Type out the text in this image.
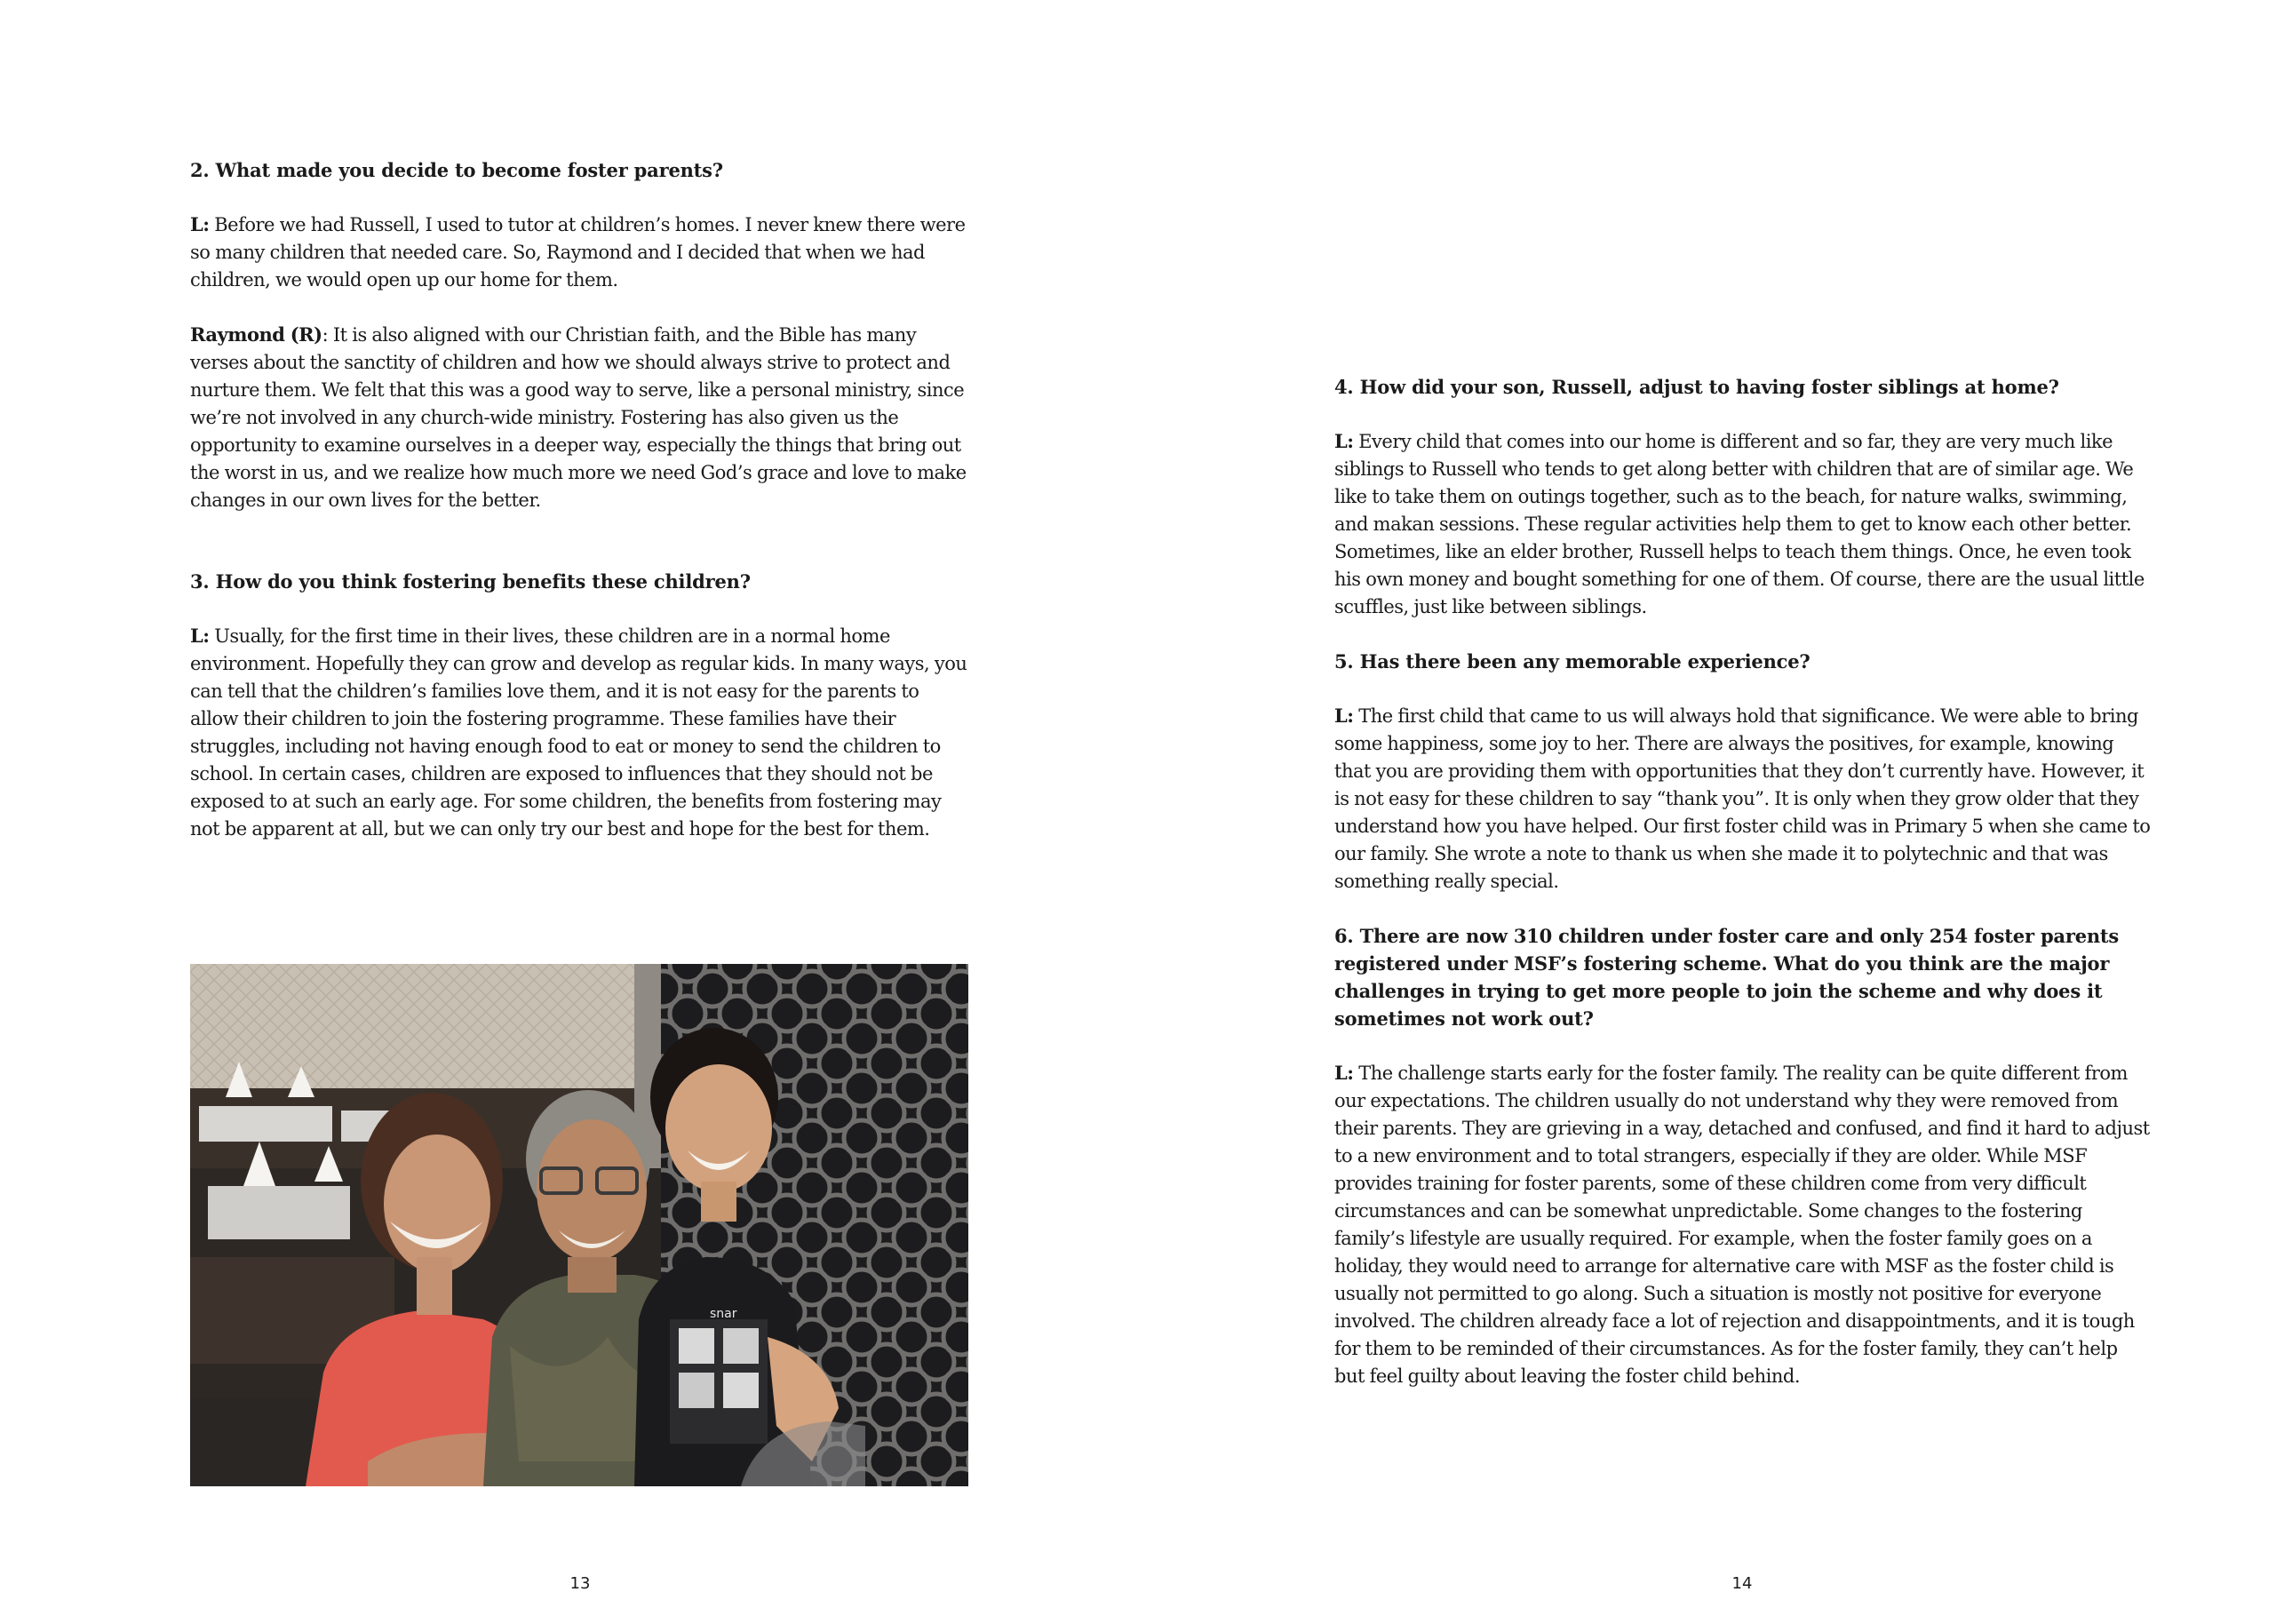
2. What made you decide to become foster parents?

L: Before we had Russell, I used to tutor at children’s homes. I never knew there were so many children that needed care. So, Raymond and I decided that when we had children, we would open up our home for them.

Raymond (R): It is also aligned with our Christian faith, and the Bible has many verses about the sanctity of children and how we should always strive to protect and nurture them. We felt that this was a good way to serve, like a personal ministry, since we’re not involved in any church-wide ministry. Fostering has also given us the opportunity to examine ourselves in a deeper way, especially the things that bring out the worst in us, and we realize how much more we need God’s grace and love to make changes in our own lives for the better.

3. How do you think fostering benefits these children?

L: Usually, for the first time in their lives, these children are in a normal home environment. Hopefully they can grow and develop as regular kids. In many ways, you can tell that the children’s families love them, and it is not easy for the parents to allow their children to join the fostering programme. These families have their struggles, including not having enough food to eat or money to send the children to school. In certain cases, children are exposed to influences that they should not be exposed to at such an early age. For some children, the benefits from fostering may not be apparent at all, but we can only try our best and hope for the best for them.

snar
13

4. How did your son, Russell, adjust to having foster siblings at home?

L: Every child that comes into our home is different and so far, they are very much like siblings to Russell who tends to get along better with children that are of similar age. We like to take them on outings together, such as to the beach, for nature walks, swimming, and makan sessions. These regular activities help them to get to know each other better. Sometimes, like an elder brother, Russell helps to teach them things. Once, he even took his own money and bought something for one of them. Of course, there are the usual little scuffles, just like between siblings.

5. Has there been any memorable experience?

L: The first child that came to us will always hold that significance. We were able to bring some happiness, some joy to her. There are always the positives, for example, knowing that you are providing them with opportunities that they don’t currently have. However, it is not easy for these children to say “thank you”. It is only when they grow older that they understand how you have helped. Our first foster child was in Primary 5 when she came to our family. She wrote a note to thank us when she made it to polytechnic and that was something really special.

6. There are now 310 children under foster care and only 254 foster parents registered under MSF’s fostering scheme. What do you think are the major challenges in trying to get more people to join the scheme and why does it sometimes not work out?

L: The challenge starts early for the foster family. The reality can be quite different from our expectations. The children usually do not understand why they were removed from their parents. They are grieving in a way, detached and confused, and find it hard to adjust to a new environment and to total strangers, especially if they are older. While MSF provides training for foster parents, some of these children come from very difficult circumstances and can be somewhat unpredictable. Some changes to the fostering family’s lifestyle are usually required. For example, when the foster family goes on a holiday, they would need to arrange for alternative care with MSF as the foster child is usually not permitted to go along. Such a situation is mostly not positive for everyone involved. The children already face a lot of rejection and disappointments, and it is tough for them to be reminded of their circumstances. As for the foster family, they can’t help but feel guilty about leaving the foster child behind.

14
